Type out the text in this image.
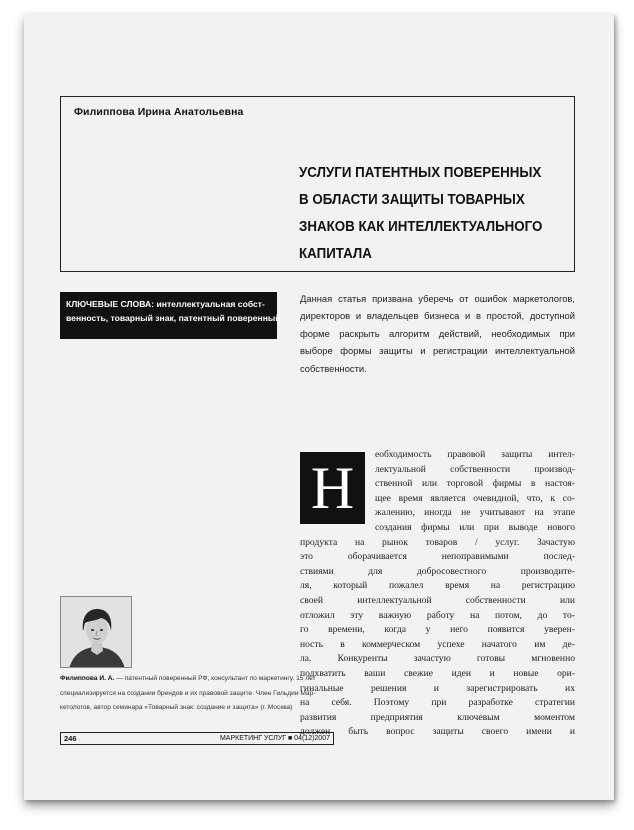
Филиппова Ирина Анатольевна
УСЛУГИ ПАТЕНТНЫХ ПОВЕРЕННЫХ
В ОБЛАСТИ ЗАЩИТЫ ТОВАРНЫХ
ЗНАКОВ КАК ИНТЕЛЛЕКТУАЛЬНОГО
КАПИТАЛА
КЛЮЧЕВЫЕ СЛОВА: интеллектуальная собст-
венность, товарный знак, патентный поверенный
Данная статья призвана уберечь от ошибок маркетологов,
директоров и владельцев бизнеса и в простой, доступной
форме раскрыть алгоритм действий, необходимых при
выборе формы защиты и регистрации интеллектуальной
собственности.
Н
еобходимость правовой защиты интел-
лектуальной собственности производ-
ственной или торговой фирмы в настоя-
щее время является очевидной, что, к со-
жалению, иногда не учитывают на этапе
создания фирмы или при выводе нового
продукта на рынок товаров / услуг. Зачастую
это оборачивается непоправимыми послед-
ствиями для добросовестного производите-
ля, который пожалел время на регистрацию
своей интеллектуальной собственности или
отложил эту важную работу на потом, до то-
го времени, когда у него появится уверен-
ность в коммерческом успехе начатого им де-
ла. Конкуренты зачастую готовы мгновенно
подхватить ваши свежие идеи и новые ори-
гинальные решения и зарегистрировать их
на себя. Поэтому при разработке стратегии
развития предприятия ключевым моментом
должен быть вопрос защиты своего имени и
Филиппова И. А. — патентный поверенный РФ, консультант по маркетингу. 15 лет
специализируется на создании брендов и их правовой защите. Член Гильдии Мар-
кетологов, автор семинара «Товарный знак: создание и защита» (г. Москва)
246	МАРКЕТИНГ УСЛУГ ■ 04(12)2007
